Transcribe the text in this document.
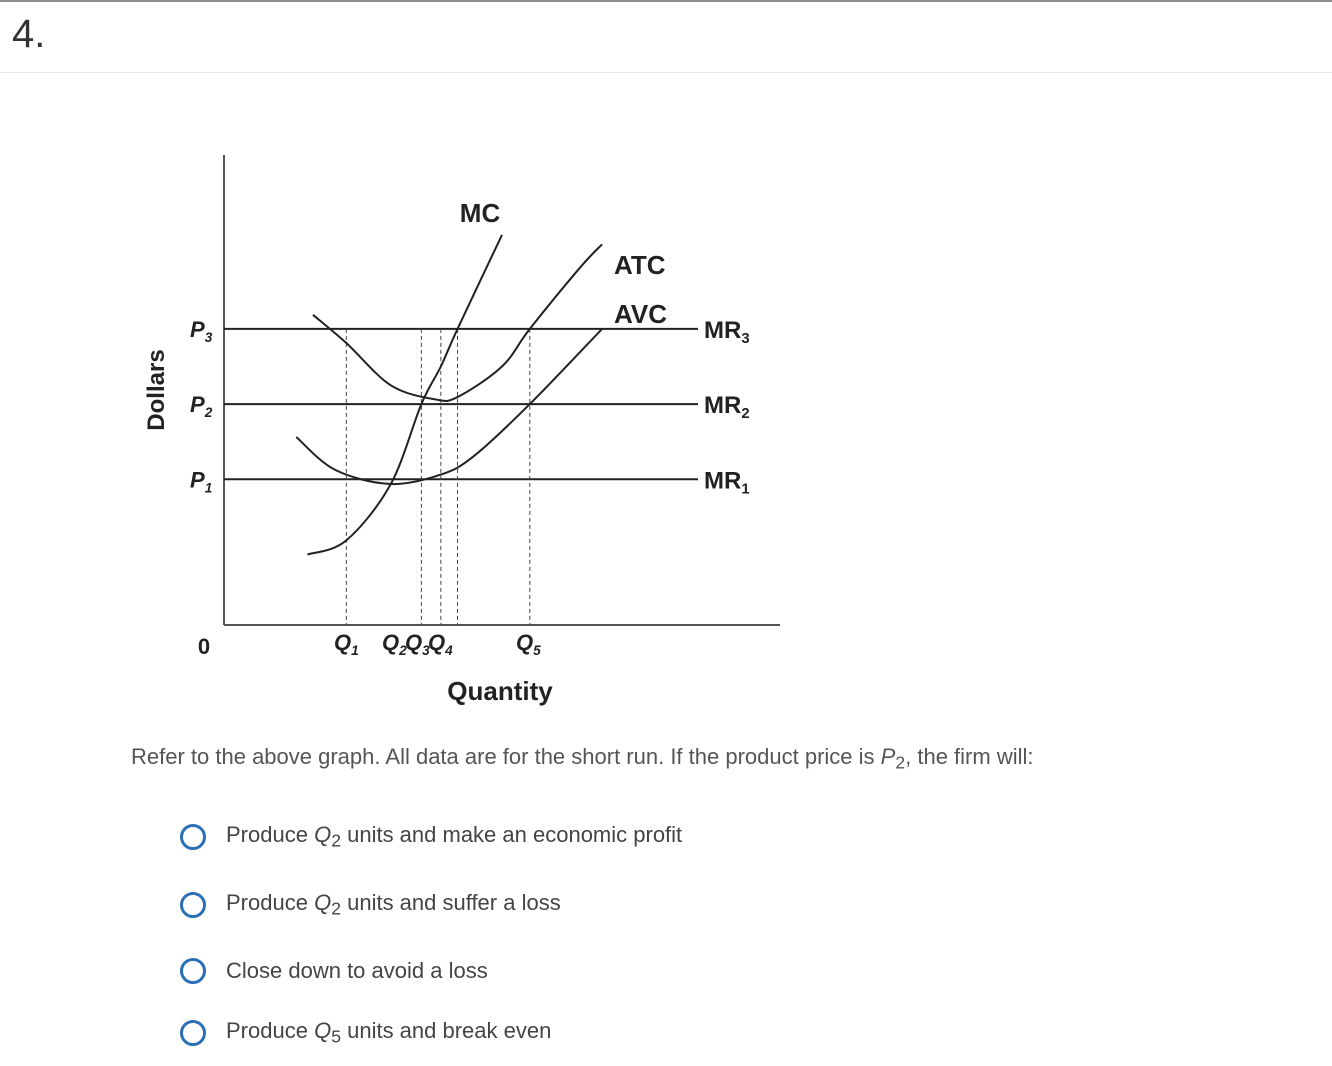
4.
Dollars
Quantity
0
$P_3$	$MR_3$
$P_2$	$MR_2$
$P_1$	$MR_1$
$Q_1$ $Q_2$
$Q_3$
$Q_4$	$Q_5$
MC
ATC
AVC
Refer to the above graph. All data are for the short run. If the product price is $P_2$, the firm will:
Produce $Q_2$ units and make an economic profit
Produce $Q_2$ units and suffer a loss
Close down to avoid a loss
Produce $Q_5$ units and break even
